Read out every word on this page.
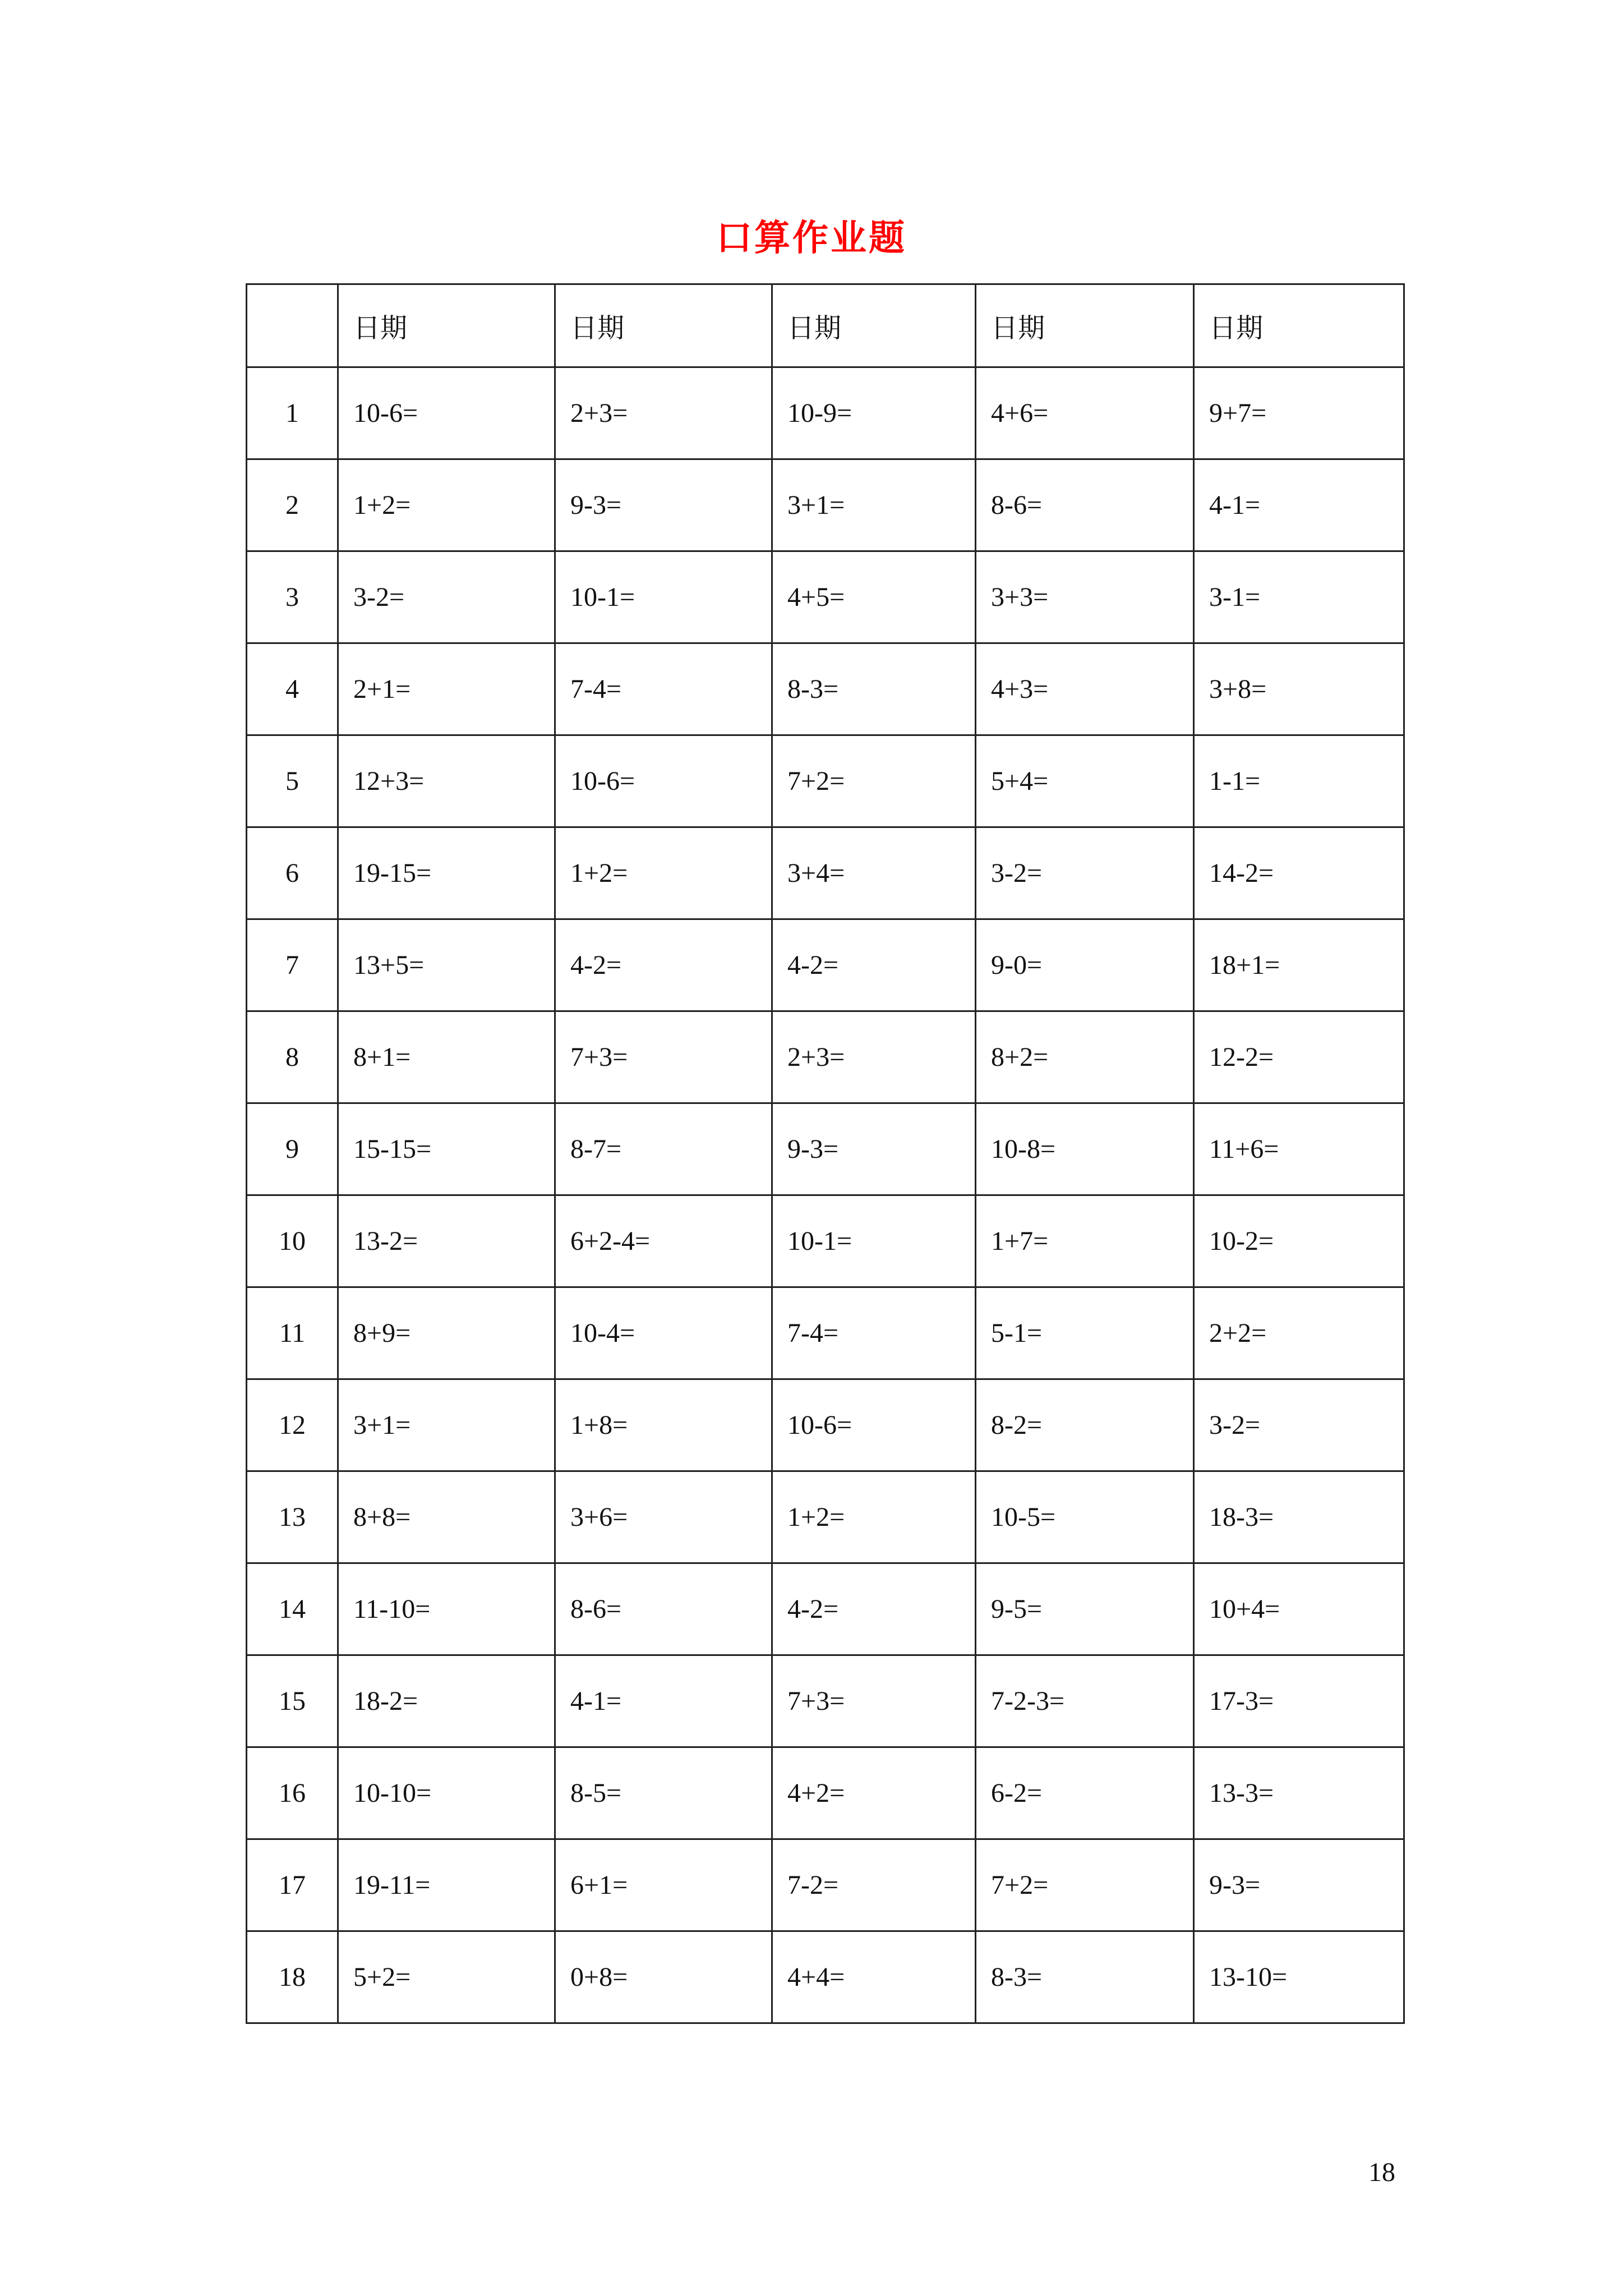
口算作业题
	日期	日期	日期	日期	日期
1	10-6=	2+3=	10-9=	4+6=	9+7=
2	1+2=	9-3=	3+1=	8-6=	4-1=
3	3-2=	10-1=	4+5=	3+3=	3-1=
4	2+1=	7-4=	8-3=	4+3=	3+8=
5	12+3=	10-6=	7+2=	5+4=	1-1=
6	19-15=	1+2=	3+4=	3-2=	14-2=
7	13+5=	4-2=	4-2=	9-0=	18+1=
8	8+1=	7+3=	2+3=	8+2=	12-2=
9	15-15=	8-7=	9-3=	10-8=	11+6=
10	13-2=	6+2-4=	10-1=	1+7=	10-2=
11	8+9=	10-4=	7-4=	5-1=	2+2=
12	3+1=	1+8=	10-6=	8-2=	3-2=
13	8+8=	3+6=	1+2=	10-5=	18-3=
14	11-10=	8-6=	4-2=	9-5=	10+4=
15	18-2=	4-1=	7+3=	7-2-3=	17-3=
16	10-10=	8-5=	4+2=	6-2=	13-3=
17	19-11=	6+1=	7-2=	7+2=	9-3=
18	5+2=	0+8=	4+4=	8-3=	13-10=
18
